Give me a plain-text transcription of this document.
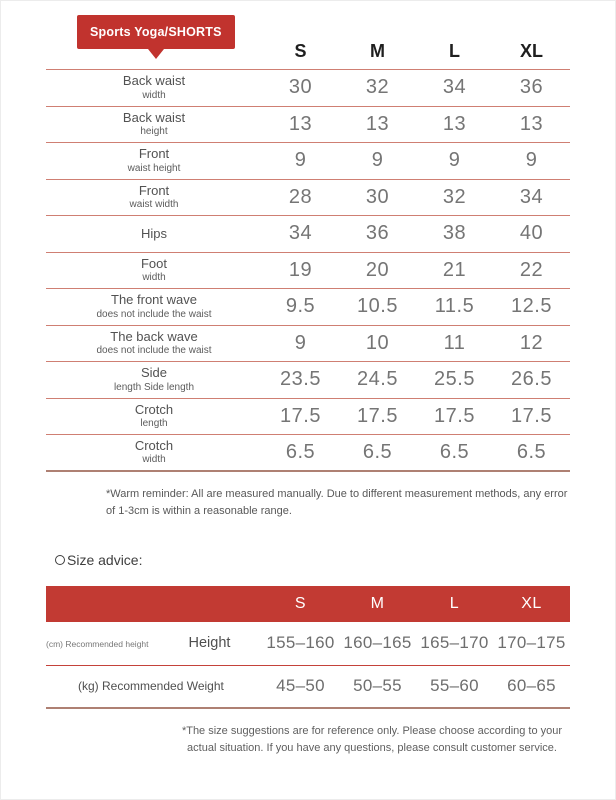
Sports Yoga/SHORTS
S	M	L	XL
Back waist
width	30	32	34	36
Back waist
height	13	13	13	13
Front
waist height	9	9	9	9
Front
waist width	28	30	32	34
Hips	34	36	38	40
Foot
width	19	20	21	22
The front wave
does not include the waist	9.5	10.5	11.5	12.5
The back wave
does not include the waist	9	10	11	12
Side
length Side length	23.5	24.5	25.5	26.5
Crotch
length	17.5	17.5	17.5	17.5
Crotch
width	6.5	6.5	6.5	6.5

*Warm reminder: All are measured manually. Due to different measurement methods, any error of 1-3cm is within a reasonable range.

Size advice:
S	M	L	XL
(cm) Recommended height	Height 155–160 160–165 165–170 170–175
(kg) Recommended Weight	45–50	50–55	55–60	60–65

*The size suggestions are for reference only. Please choose according to your actual situation. If you have any questions, please consult customer service.
